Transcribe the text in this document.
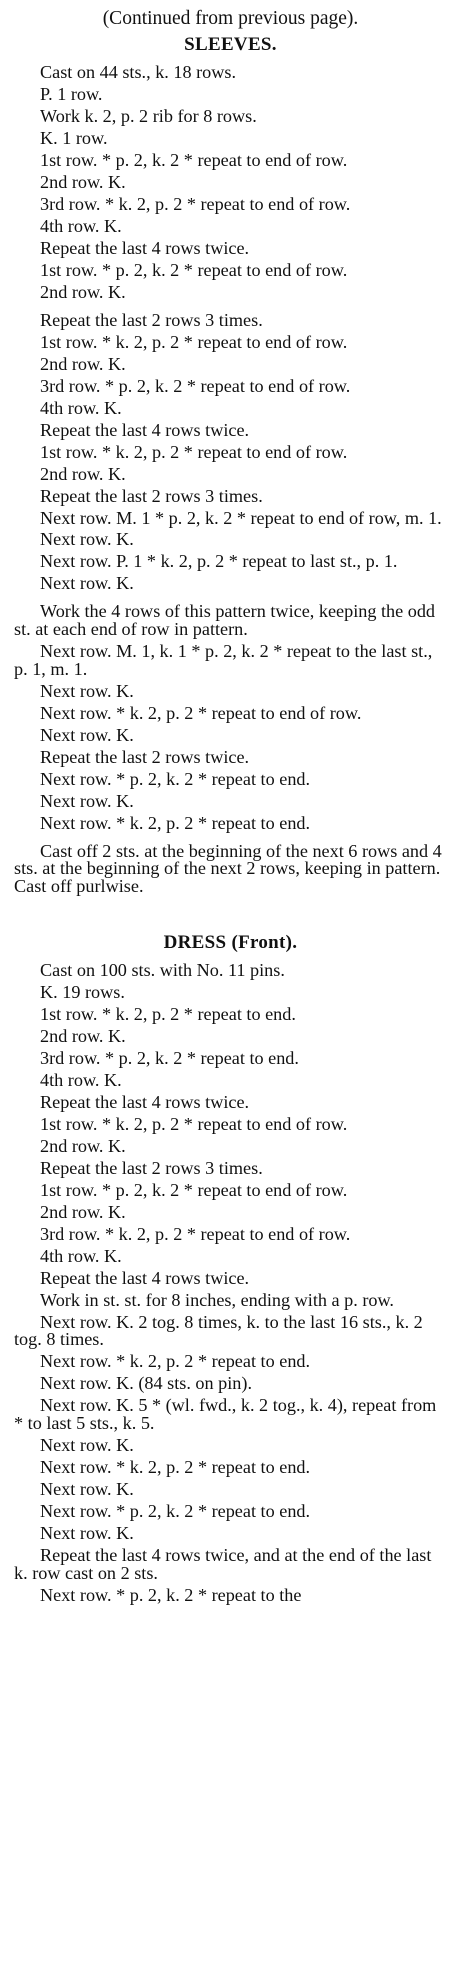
(Continued from previous page).

SLEEVES.

Cast on 44 sts., k. 18 rows.

P. 1 row.

Work k. 2, p. 2 rib for 8 rows.

K. 1 row.

1st row. * p. 2, k. 2 * repeat to end of row.

2nd row. K.

3rd row. * k. 2, p. 2 * repeat to end of row.

4th row. K.

Repeat the last 4 rows twice.

1st row. * p. 2, k. 2 * repeat to end of row.

2nd row. K.

Repeat the last 2 rows 3 times.

1st row. * k. 2, p. 2 * repeat to end of row.

2nd row. K.

3rd row. * p. 2, k. 2 * repeat to end of row.

4th row. K.

Repeat the last 4 rows twice.

1st row. * k. 2, p. 2 * repeat to end of row.

2nd row. K.

Repeat the last 2 rows 3 times.

Next row. M. 1 * p. 2, k. 2 * repeat to end of row, m. 1.

Next row. K.

Next row. P. 1 * k. 2, p. 2 * repeat to last st., p. 1.

Next row. K.

Work the 4 rows of this pattern twice, keeping the odd st. at each end of row in pattern.

Next row. M. 1, k. 1 * p. 2, k. 2 * repeat to the last st., p. 1, m. 1.

Next row. K.

Next row. * k. 2, p. 2 * repeat to end of row.

Next row. K.

Repeat the last 2 rows twice.

Next row. * p. 2, k. 2 * repeat to end.

Next row. K.

Next row. * k. 2, p. 2 * repeat to end.

Cast off 2 sts. at the beginning of the next 6 rows and 4 sts. at the beginning of the next 2 rows, keeping in pattern. Cast off purlwise.

DRESS (Front).

Cast on 100 sts. with No. 11 pins.

K. 19 rows.

1st row. * k. 2, p. 2 * repeat to end.

2nd row. K.

3rd row. * p. 2, k. 2 * repeat to end.

4th row. K.

Repeat the last 4 rows twice.

1st row. * k. 2, p. 2 * repeat to end of row.

2nd row. K.

Repeat the last 2 rows 3 times.

1st row. * p. 2, k. 2 * repeat to end of row.

2nd row. K.

3rd row. * k. 2, p. 2 * repeat to end of row.

4th row. K.

Repeat the last 4 rows twice.

Work in st. st. for 8 inches, ending with a p. row.

Next row. K. 2 tog. 8 times, k. to the last 16 sts., k. 2 tog. 8 times.

Next row. * k. 2, p. 2 * repeat to end.

Next row. K. (84 sts. on pin).

Next row. K. 5 * (wl. fwd., k. 2 tog., k. 4), repeat from * to last 5 sts., k. 5.

Next row. K.

Next row. * k. 2, p. 2 * repeat to end.

Next row. K.

Next row. * p. 2, k. 2 * repeat to end.

Next row. K.

Repeat the last 4 rows twice, and at the end of the last k. row cast on 2 sts.

Next row. * p. 2, k. 2 * repeat to the
